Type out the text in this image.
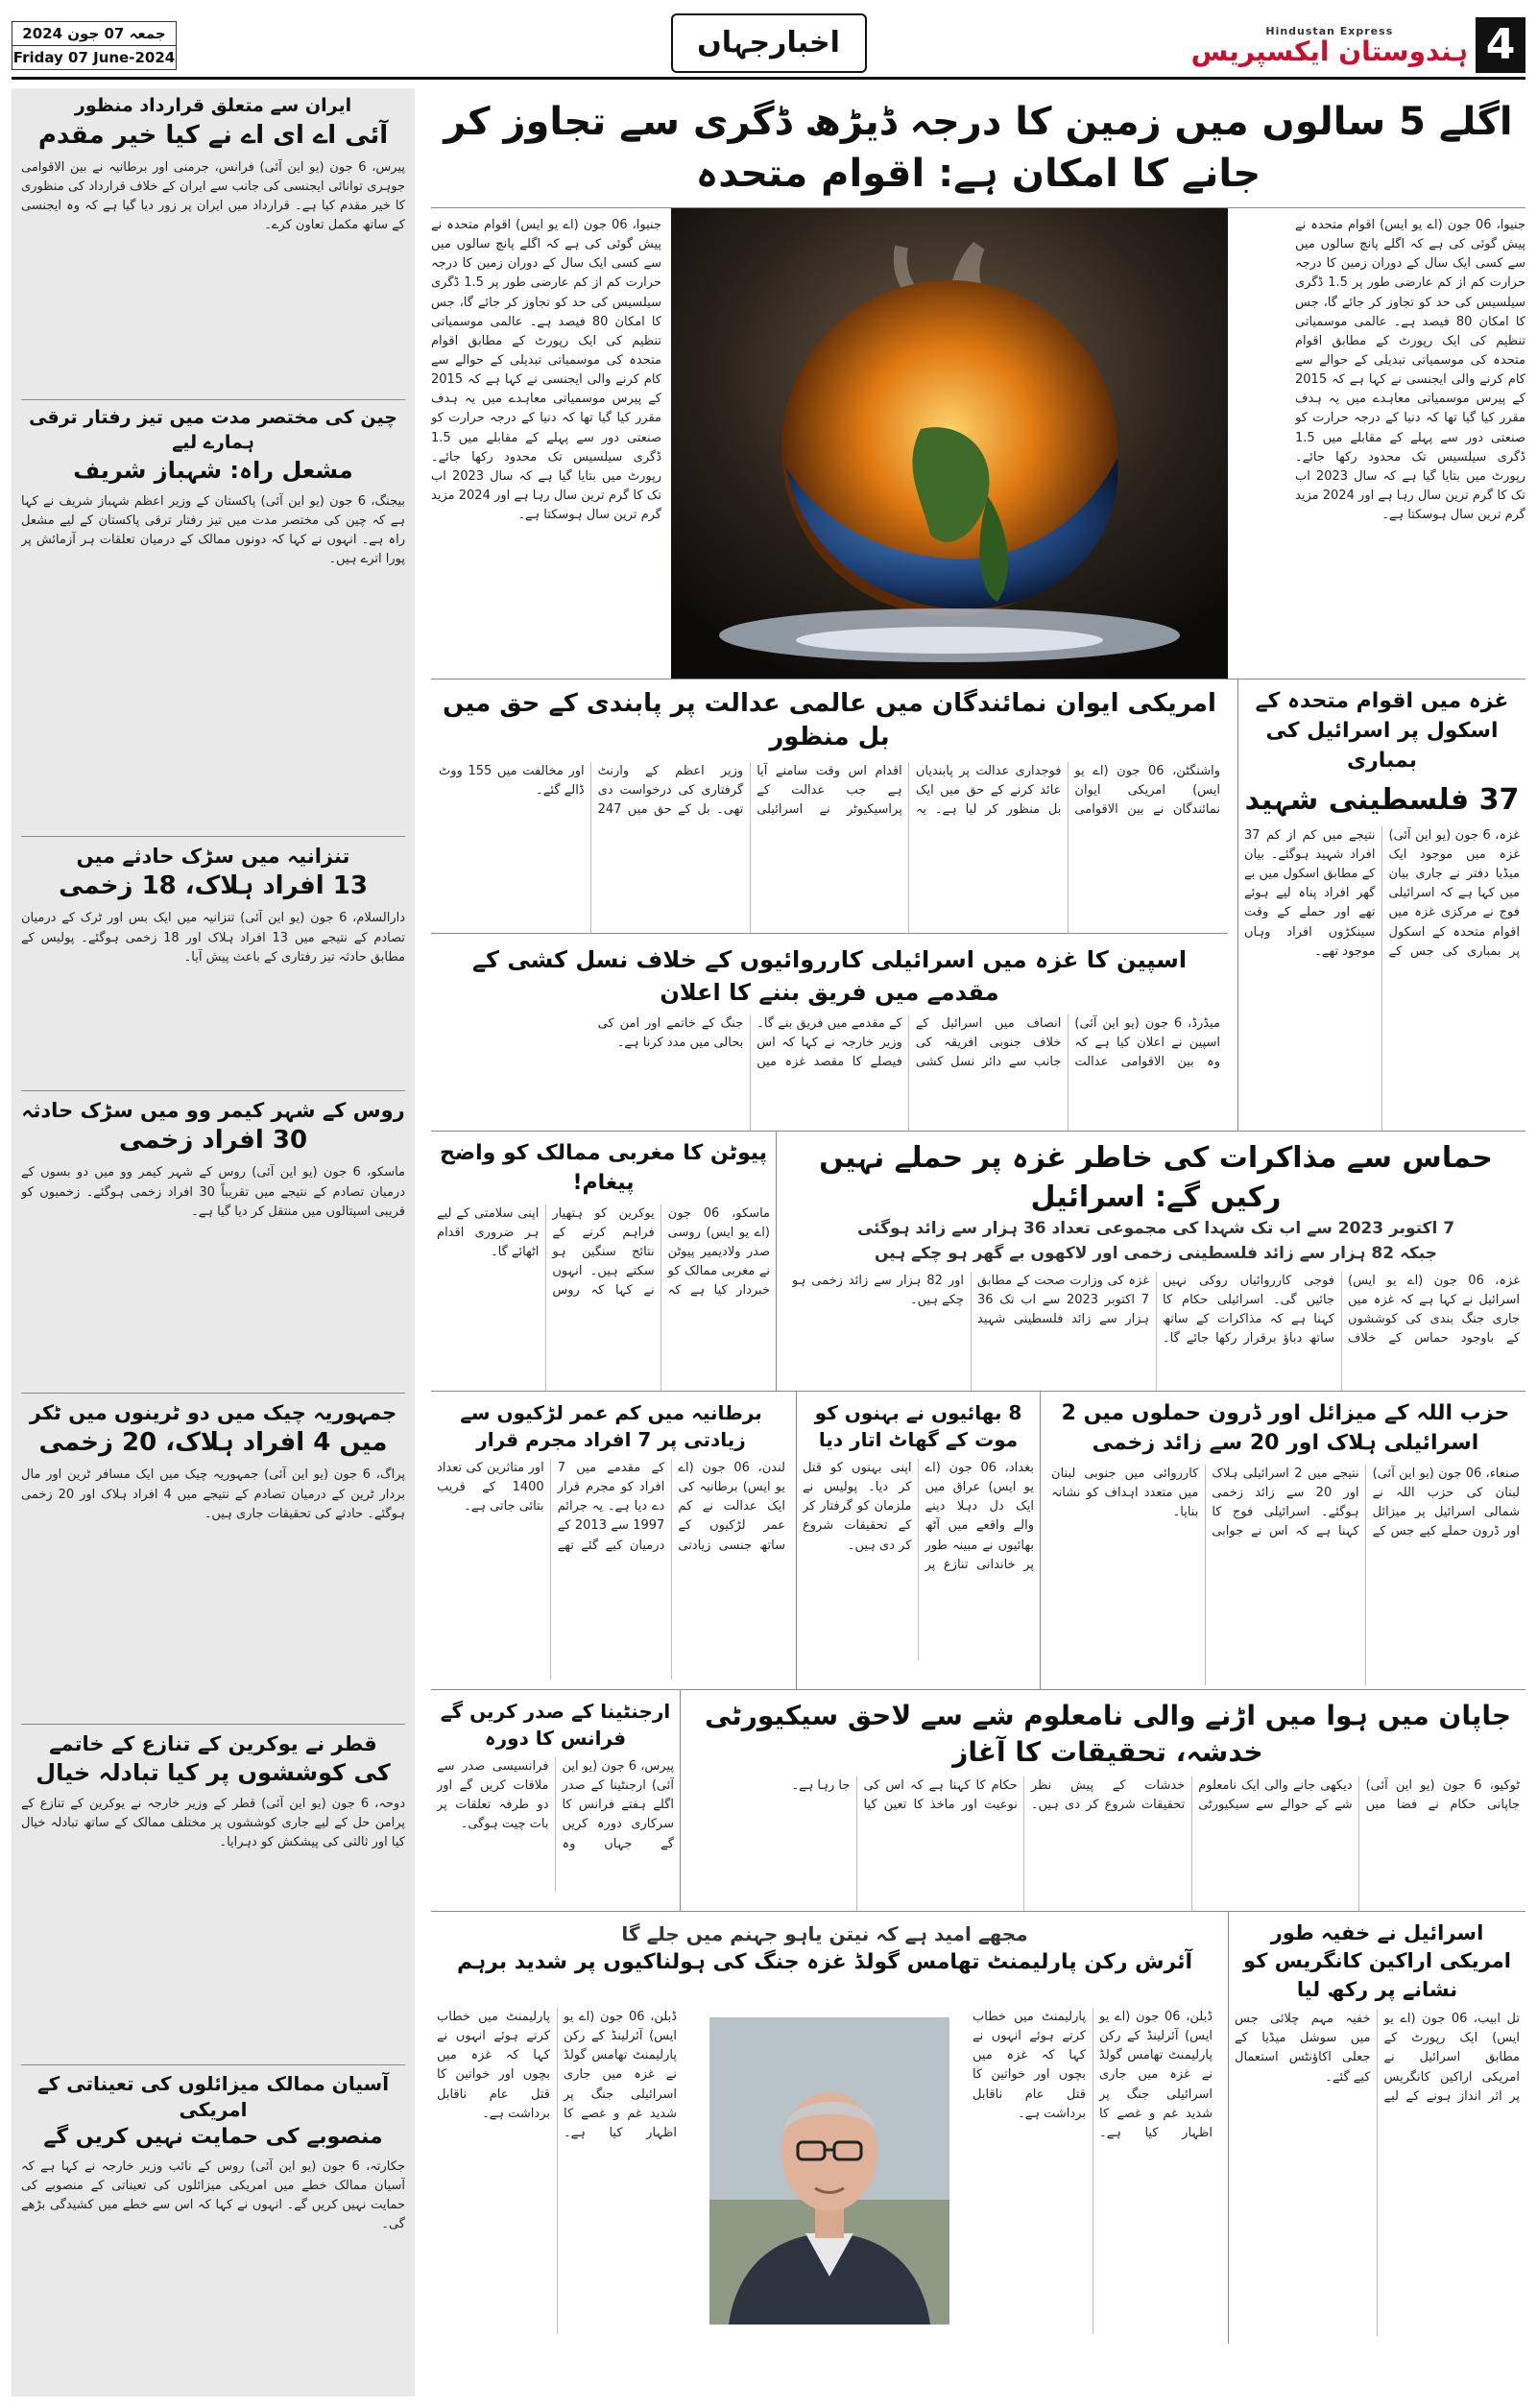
جمعہ 07 جون 2024
Friday 07 June-2024	اخبارجہاں	Hindustan Express
ہندوستان ایکسپریس 4
اگلے 5 سالوں میں زمین کا درجہ ڈیڑھ ڈگری سے تجاوز کر جانے کا امکان ہے: اقوام متحدہ
جنیوا، 06 جون (اے یو ایس) اقوام متحدہ نے پیش گوئی کی ہے کہ اگلے پانچ سالوں میں سے کسی ایک سال کے دوران زمین کا درجہ حرارت کم از کم عارضی طور پر 1.5 ڈگری سیلسیس کی حد کو تجاوز کر جائے گا، جس کا امکان 80 فیصد ہے۔ عالمی موسمیاتی تنظیم کی ایک رپورٹ کے مطابق اقوام متحدہ کی موسمیاتی تبدیلی کے حوالے سے کام کرنے والی ایجنسی نے کہا ہے کہ 2015 کے پیرس موسمیاتی معاہدے میں یہ ہدف مقرر کیا گیا تھا کہ دنیا کے درجہ حرارت کو صنعتی دور سے پہلے کے مقابلے میں 1.5 ڈگری سیلسیس تک محدود رکھا جائے۔ رپورٹ میں بتایا گیا ہے کہ سال 2023 اب تک کا گرم ترین سال رہا ہے اور 2024 مزید گرم ترین سال ہوسکتا ہے۔
جنیوا، 06 جون (اے یو ایس) اقوام متحدہ نے پیش گوئی کی ہے کہ اگلے پانچ سالوں میں سے کسی ایک سال کے دوران زمین کا درجہ حرارت کم از کم عارضی طور پر 1.5 ڈگری سیلسیس کی حد کو تجاوز کر جائے گا، جس کا امکان 80 فیصد ہے۔ عالمی موسمیاتی تنظیم کی ایک رپورٹ کے مطابق اقوام متحدہ کی موسمیاتی تبدیلی کے حوالے سے کام کرنے والی ایجنسی نے کہا ہے کہ 2015 کے پیرس موسمیاتی معاہدے میں یہ ہدف مقرر کیا گیا تھا کہ دنیا کے درجہ حرارت کو صنعتی دور سے پہلے کے مقابلے میں 1.5 ڈگری سیلسیس تک محدود رکھا جائے۔ رپورٹ میں بتایا گیا ہے کہ سال 2023 اب تک کا گرم ترین سال رہا ہے اور 2024 مزید گرم ترین سال ہوسکتا ہے۔
غزہ میں اقوام متحدہ کے اسکول پر اسرائیل کی بمباری
37 فلسطینی شہید
غزہ، 6 جون (یو این آئی) غزہ میں موجود ایک میڈیا دفتر نے جاری بیان میں کہا ہے کہ اسرائیلی فوج نے مرکزی غزہ میں اقوام متحدہ کے اسکول پر بمباری کی جس کے نتیجے میں کم از کم 37 افراد شہید ہوگئے۔ بیان کے مطابق اسکول میں بے گھر افراد پناہ لیے ہوئے تھے اور حملے کے وقت سینکڑوں افراد وہاں موجود تھے۔
امریکی ایوان نمائندگان میں عالمی عدالت پر پابندی کے حق میں بل منظور
واشنگٹن، 06 جون (اے یو ایس) امریکی ایوان نمائندگان نے بین الاقوامی فوجداری عدالت پر پابندیاں عائد کرنے کے حق میں ایک بل منظور کر لیا ہے۔ یہ اقدام اس وقت سامنے آیا ہے جب عدالت کے پراسیکیوٹر نے اسرائیلی وزیر اعظم کے وارنٹ گرفتاری کی درخواست دی تھی۔ بل کے حق میں 247 اور مخالفت میں 155 ووٹ ڈالے گئے۔
اسپین کا غزہ میں اسرائیلی کارروائیوں کے خلاف نسل کشی کے مقدمے میں فریق بننے کا اعلان
میڈرڈ، 6 جون (یو این آئی) اسپین نے اعلان کیا ہے کہ وہ بین الاقوامی عدالت انصاف میں اسرائیل کے خلاف جنوبی افریقہ کی جانب سے دائر نسل کشی کے مقدمے میں فریق بنے گا۔ وزیر خارجہ نے کہا کہ اس فیصلے کا مقصد غزہ میں جنگ کے خاتمے اور امن کی بحالی میں مدد کرنا ہے۔
حماس سے مذاکرات کی خاطر غزہ پر حملے نہیں رکیں گے: اسرائیل
7 اکتوبر 2023 سے اب تک شہدا کی مجموعی تعداد 36 ہزار سے زائد ہوگئی
جبکہ 82 ہزار سے زائد فلسطینی زخمی اور لاکھوں بے گھر ہو چکے ہیں
غزہ، 06 جون (اے یو ایس) اسرائیل نے کہا ہے کہ غزہ میں جاری جنگ بندی کی کوششوں کے باوجود حماس کے خلاف فوجی کارروائیاں روکی نہیں جائیں گی۔ اسرائیلی حکام کا کہنا ہے کہ مذاکرات کے ساتھ ساتھ دباؤ برقرار رکھا جائے گا۔ غزہ کی وزارت صحت کے مطابق 7 اکتوبر 2023 سے اب تک 36 ہزار سے زائد فلسطینی شہید اور 82 ہزار سے زائد زخمی ہو چکے ہیں۔
پیوٹن کا مغربی ممالک کو واضح پیغام!
ماسکو، 06 جون (اے یو ایس) روسی صدر ولادیمیر پیوٹن نے مغربی ممالک کو خبردار کیا ہے کہ یوکرین کو ہتھیار فراہم کرنے کے نتائج سنگین ہو سکتے ہیں۔ انہوں نے کہا کہ روس اپنی سلامتی کے لیے ہر ضروری اقدام اٹھائے گا۔
حزب اللہ کے میزائل اور ڈرون حملوں میں 2 اسرائیلی ہلاک اور 20 سے زائد زخمی
صنعاء، 06 جون (یو این آئی) لبنان کی حزب اللہ نے شمالی اسرائیل پر میزائل اور ڈرون حملے کیے جس کے نتیجے میں 2 اسرائیلی ہلاک اور 20 سے زائد زخمی ہوگئے۔ اسرائیلی فوج کا کہنا ہے کہ اس نے جوابی کارروائی میں جنوبی لبنان میں متعدد اہداف کو نشانہ بنایا۔
8 بھائیوں نے بہنوں کو موت کے گھاٹ اتار دیا
بغداد، 06 جون (اے یو ایس) عراق میں ایک دل دہلا دینے والے واقعے میں آٹھ بھائیوں نے مبینہ طور پر خاندانی تنازع پر اپنی بہنوں کو قتل کر دیا۔ پولیس نے ملزمان کو گرفتار کر کے تحقیقات شروع کر دی ہیں۔
برطانیہ میں کم عمر لڑکیوں سے زیادتی پر 7 افراد مجرم قرار
لندن، 06 جون (اے یو ایس) برطانیہ کی ایک عدالت نے کم عمر لڑکیوں کے ساتھ جنسی زیادتی کے مقدمے میں 7 افراد کو مجرم قرار دے دیا ہے۔ یہ جرائم 1997 سے 2013 کے درمیان کیے گئے تھے اور متاثرین کی تعداد 1400 کے قریب بتائی جاتی ہے۔
جاپان میں ہوا میں اڑنے والی نامعلوم شے سے لاحق سیکیورٹی خدشہ، تحقیقات کا آغاز
ٹوکیو، 6 جون (یو این آئی) جاپانی حکام نے فضا میں دیکھی جانے والی ایک نامعلوم شے کے حوالے سے سیکیورٹی خدشات کے پیش نظر تحقیقات شروع کر دی ہیں۔ حکام کا کہنا ہے کہ اس کی نوعیت اور ماخذ کا تعین کیا جا رہا ہے۔
ارجنٹینا کے صدر کریں گے فرانس کا دورہ
پیرس، 6 جون (یو این آئی) ارجنٹینا کے صدر اگلے ہفتے فرانس کا سرکاری دورہ کریں گے جہاں وہ فرانسیسی صدر سے ملاقات کریں گے اور دو طرفہ تعلقات پر بات چیت ہوگی۔
اسرائیل نے خفیہ طور امریکی اراکین کانگریس کو نشانے پر رکھ لیا
تل ابیب، 06 جون (اے یو ایس) ایک رپورٹ کے مطابق اسرائیل نے امریکی اراکین کانگریس پر اثر انداز ہونے کے لیے خفیہ مہم چلائی جس میں سوشل میڈیا کے جعلی اکاؤنٹس استعمال کیے گئے۔
مجھے امید ہے کہ نیتن یاہو جہنم میں جلے گا
آئرش رکن پارلیمنٹ تھامس گولڈ غزہ جنگ کی ہولناکیوں پر شدید برہم
ڈبلن، 06 جون (اے یو ایس) آئرلینڈ کے رکن پارلیمنٹ تھامس گولڈ نے غزہ میں جاری اسرائیلی جنگ پر شدید غم و غصے کا اظہار کیا ہے۔ پارلیمنٹ میں خطاب کرتے ہوئے انہوں نے کہا کہ غزہ میں بچوں اور خواتین کا قتل عام ناقابل برداشت ہے۔
ڈبلن، 06 جون (اے یو ایس) آئرلینڈ کے رکن پارلیمنٹ تھامس گولڈ نے غزہ میں جاری اسرائیلی جنگ پر شدید غم و غصے کا اظہار کیا ہے۔ پارلیمنٹ میں خطاب کرتے ہوئے انہوں نے کہا کہ غزہ میں بچوں اور خواتین کا قتل عام ناقابل برداشت ہے۔
ایران سے متعلق قرارداد منظور
آئی اے ای اے نے کیا خیر مقدم
پیرس، 6 جون (یو این آئی) فرانس، جرمنی اور برطانیہ نے بین الاقوامی جوہری توانائی ایجنسی کی جانب سے ایران کے خلاف قرارداد کی منظوری کا خیر مقدم کیا ہے۔ قرارداد میں ایران پر زور دیا گیا ہے کہ وہ ایجنسی کے ساتھ مکمل تعاون کرے۔
چین کی مختصر مدت میں تیز رفتار ترقی ہمارے لیے
مشعل راہ: شہباز شریف
بیجنگ، 6 جون (یو این آئی) پاکستان کے وزیر اعظم شہباز شریف نے کہا ہے کہ چین کی مختصر مدت میں تیز رفتار ترقی پاکستان کے لیے مشعل راہ ہے۔ انہوں نے کہا کہ دونوں ممالک کے درمیان تعلقات ہر آزمائش پر پورا اترے ہیں۔
تنزانیہ میں سڑک حادثے میں
13 افراد ہلاک، 18 زخمی
دارالسلام، 6 جون (یو این آئی) تنزانیہ میں ایک بس اور ٹرک کے درمیان تصادم کے نتیجے میں 13 افراد ہلاک اور 18 زخمی ہوگئے۔ پولیس کے مطابق حادثہ تیز رفتاری کے باعث پیش آیا۔
روس کے شہر کیمر وو میں سڑک حادثہ
30 افراد زخمی
ماسکو، 6 جون (یو این آئی) روس کے شہر کیمر وو میں دو بسوں کے درمیان تصادم کے نتیجے میں تقریباً 30 افراد زخمی ہوگئے۔ زخمیوں کو قریبی اسپتالوں میں منتقل کر دیا گیا ہے۔
جمہوریہ چیک میں دو ٹرینوں میں ٹکر
میں 4 افراد ہلاک، 20 زخمی
پراگ، 6 جون (یو این آئی) جمہوریہ چیک میں ایک مسافر ٹرین اور مال بردار ٹرین کے درمیان تصادم کے نتیجے میں 4 افراد ہلاک اور 20 زخمی ہوگئے۔ حادثے کی تحقیقات جاری ہیں۔
قطر نے یوکرین کے تنازع کے خاتمے
کی کوششوں پر کیا تبادلہ خیال
دوحہ، 6 جون (یو این آئی) قطر کے وزیر خارجہ نے یوکرین کے تنازع کے پرامن حل کے لیے جاری کوششوں پر مختلف ممالک کے ساتھ تبادلہ خیال کیا اور ثالثی کی پیشکش کو دہرایا۔
آسیان ممالک میزائلوں کی تعیناتی کے امریکی
منصوبے کی حمایت نہیں کریں گے
جکارتہ، 6 جون (یو این آئی) روس کے نائب وزیر خارجہ نے کہا ہے کہ آسیان ممالک خطے میں امریکی میزائلوں کی تعیناتی کے منصوبے کی حمایت نہیں کریں گے۔ انہوں نے کہا کہ اس سے خطے میں کشیدگی بڑھے گی۔
